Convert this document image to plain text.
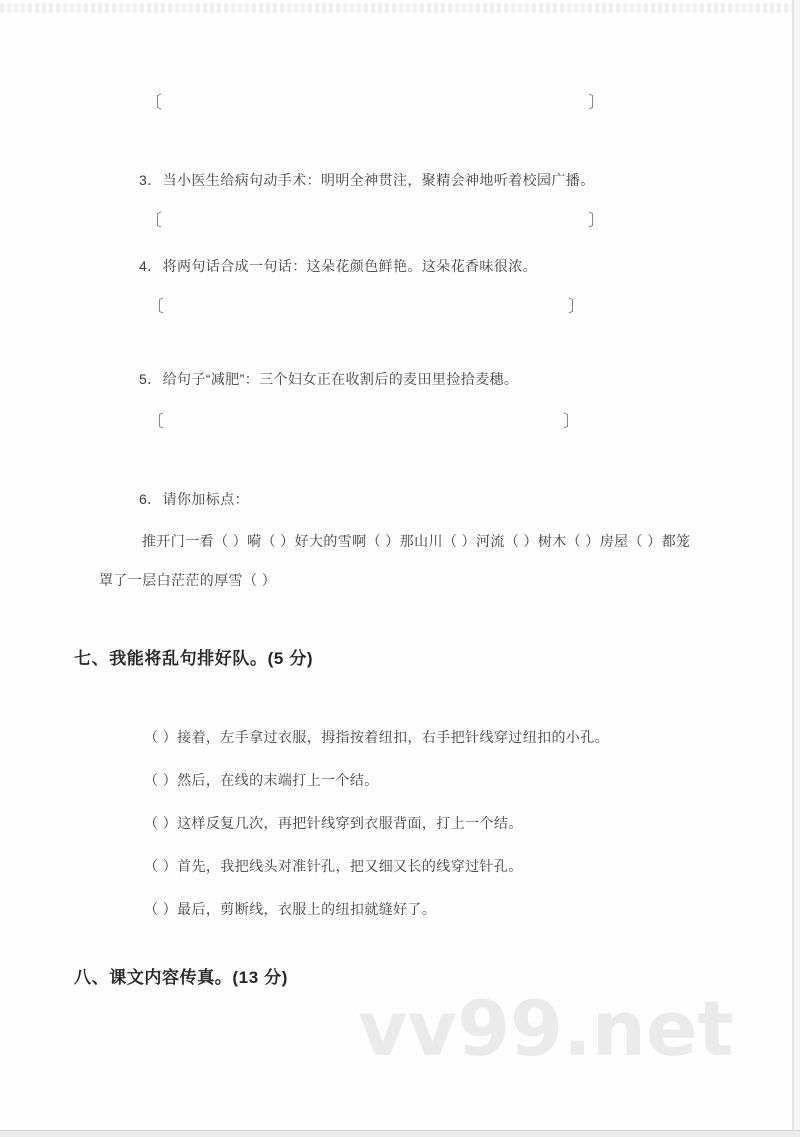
〔	〕
3．当小医生给病句动手术：明明全神贯注，聚精会神地听着校园广播。
〔	〕
4．将两句话合成一句话：这朵花颜色鲜艳。这朵花香味很浓。
〔	〕
5．给句子“减肥”：三个妇女正在收割后的麦田里捡拾麦穗。
〔	〕
6．请你加标点：
推开门一看（ ）嗬（ ）好大的雪啊（ ）那山川（ ）河流（ ）树木（ ）房屋（ ）都笼
罩了一层白茫茫的厚雪（ ）
七、我能将乱句排好队。(5 分)
（ ）接着，左手拿过衣服，拇指按着纽扣，右手把针线穿过纽扣的小孔。
（ ）然后，在线的末端打上一个结。
（ ）这样反复几次，再把针线穿到衣服背面，打上一个结。
（ ）首先，我把线头对准针孔，把又细又长的线穿过针孔。
（ ）最后，剪断线，衣服上的纽扣就缝好了。
八、课文内容传真。(13 分)
vv99.net
